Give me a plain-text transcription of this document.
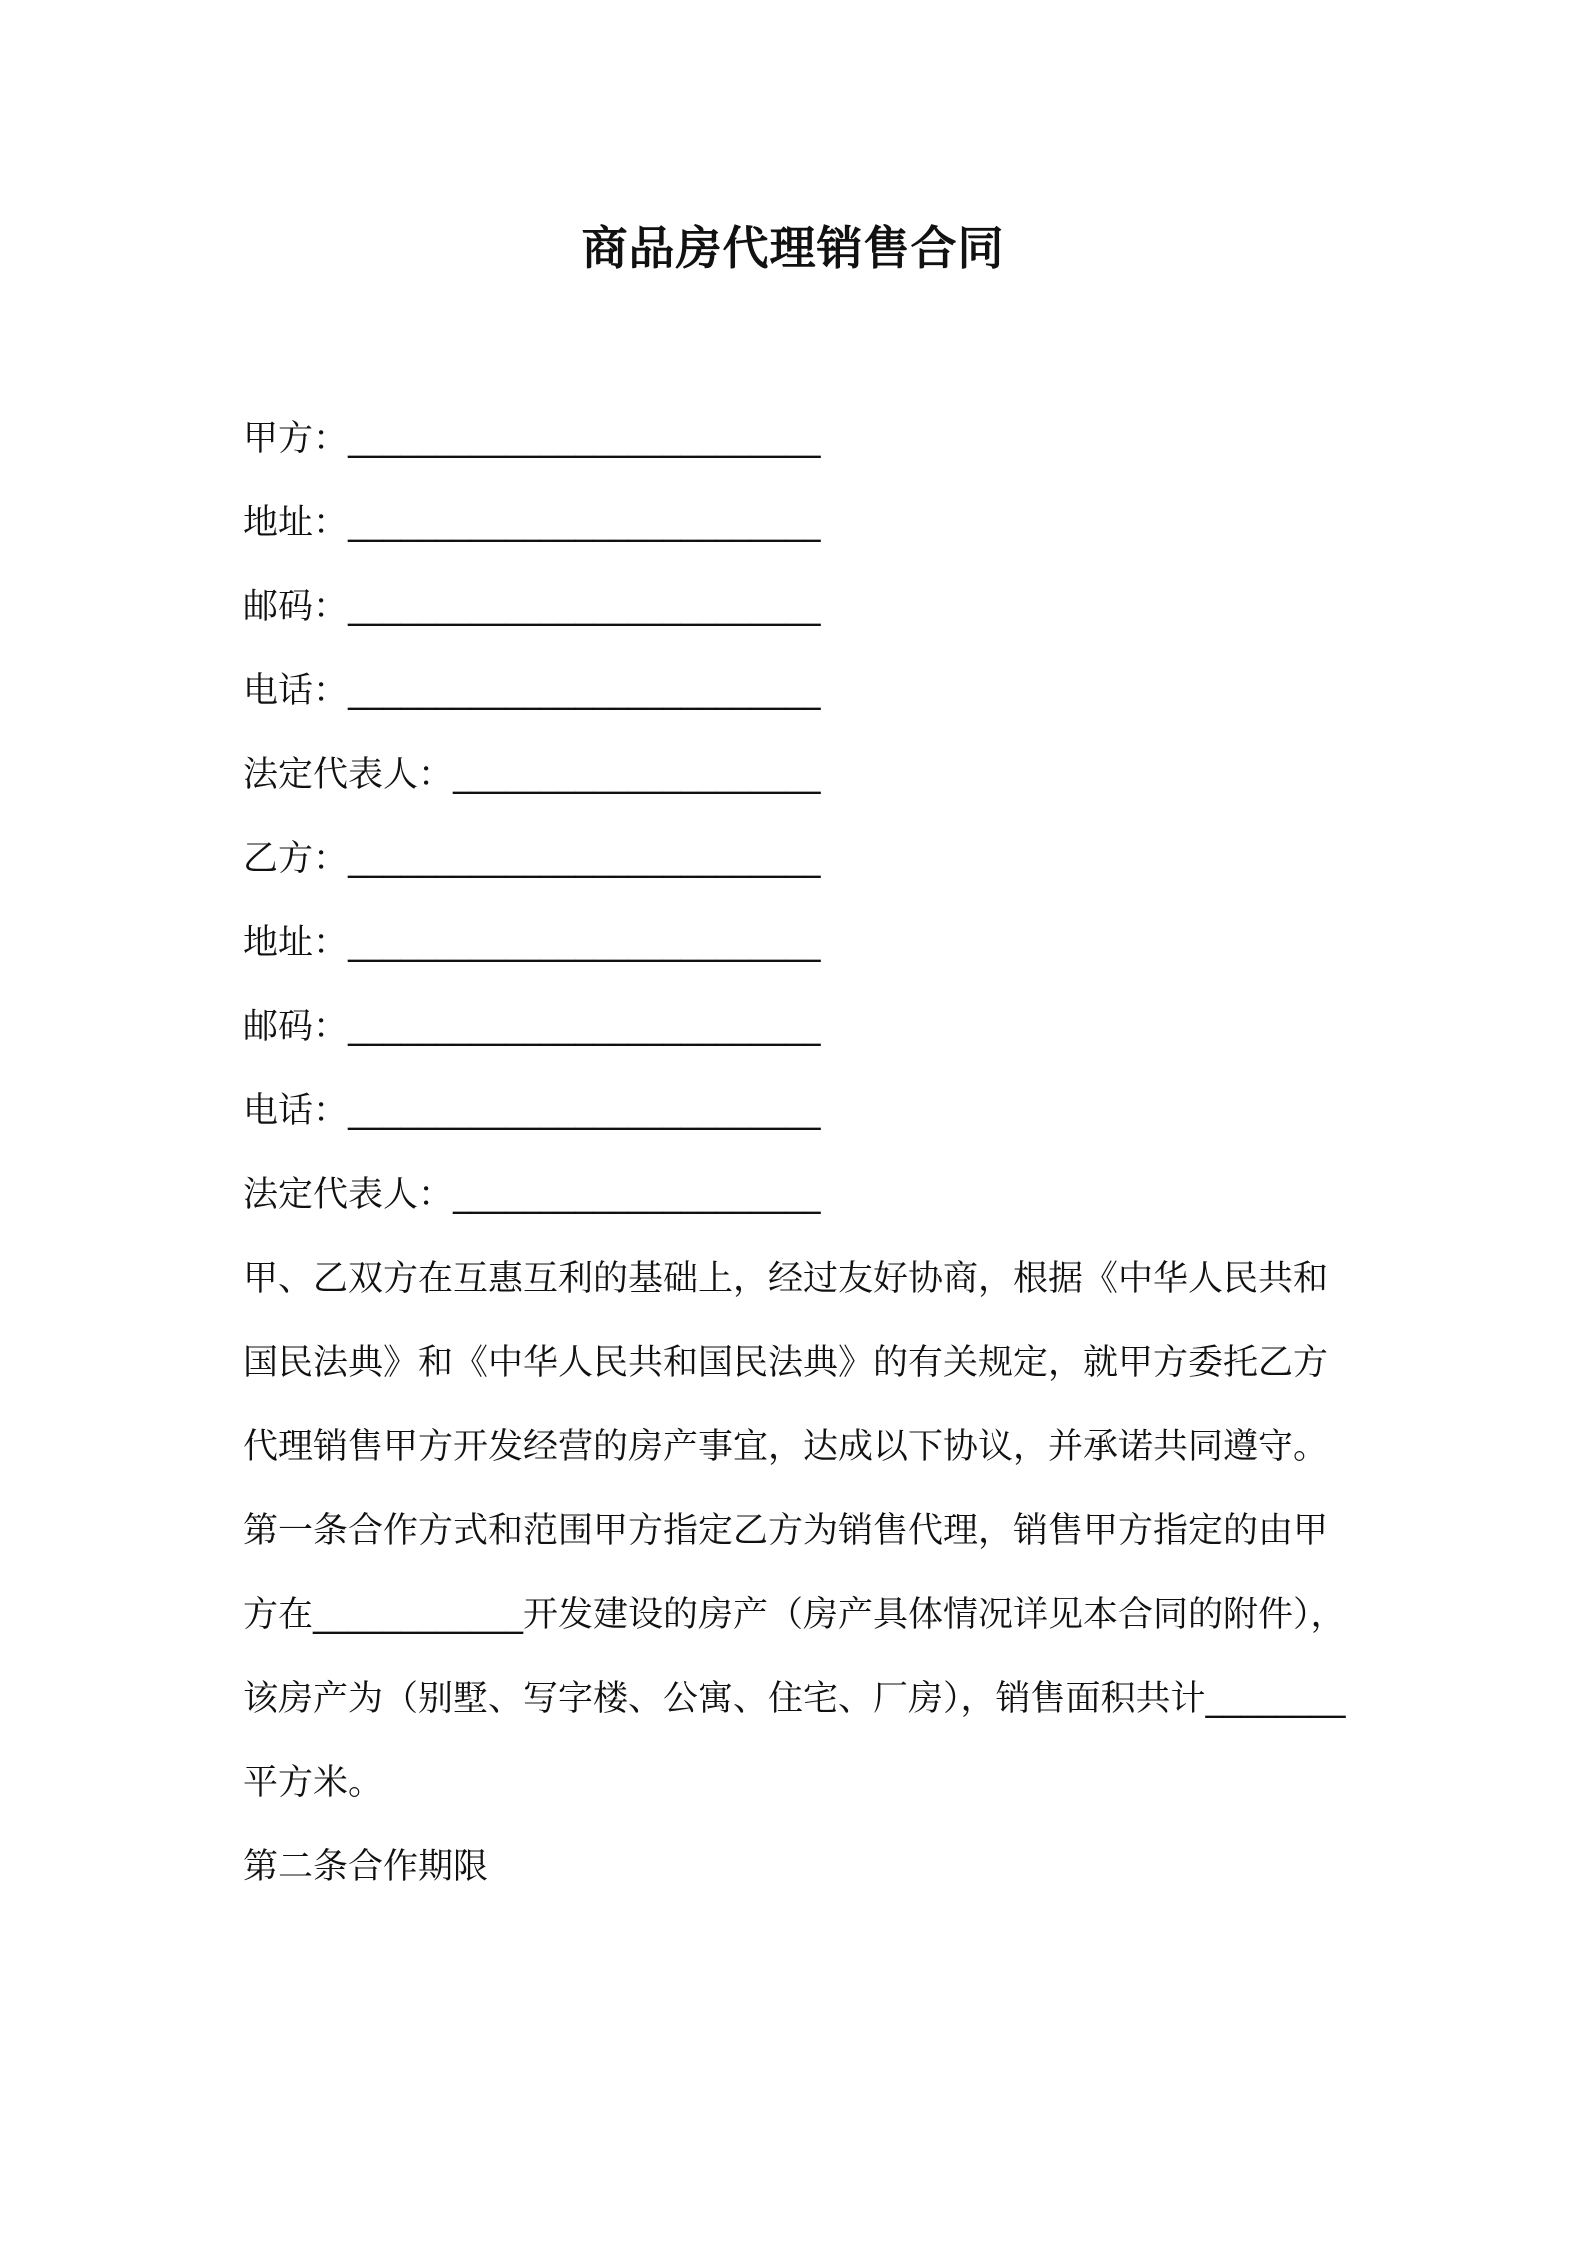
商品房代理销售合同

甲方：___________________________

地址：___________________________

邮码：___________________________

电话：___________________________

法定代表人：_____________________

乙方：___________________________

地址：___________________________

邮码：___________________________

电话：___________________________

法定代表人：_____________________

甲、乙双方在互惠互利的基础上，经过友好协商，根据《中华人民共和国民法典》和《中华人民共和国民法典》的有关规定，就甲方委托乙方代理销售甲方开发经营的房产事宜，达成以下协议，并承诺共同遵守。

第一条合作方式和范围甲方指定乙方为销售代理，销售甲方指定的由甲方在____________开发建设的房产（房产具体情况详见本合同的附件），该房产为（别墅、写字楼、公寓、住宅、厂房），销售面积共计________平方米。

第二条合作期限
